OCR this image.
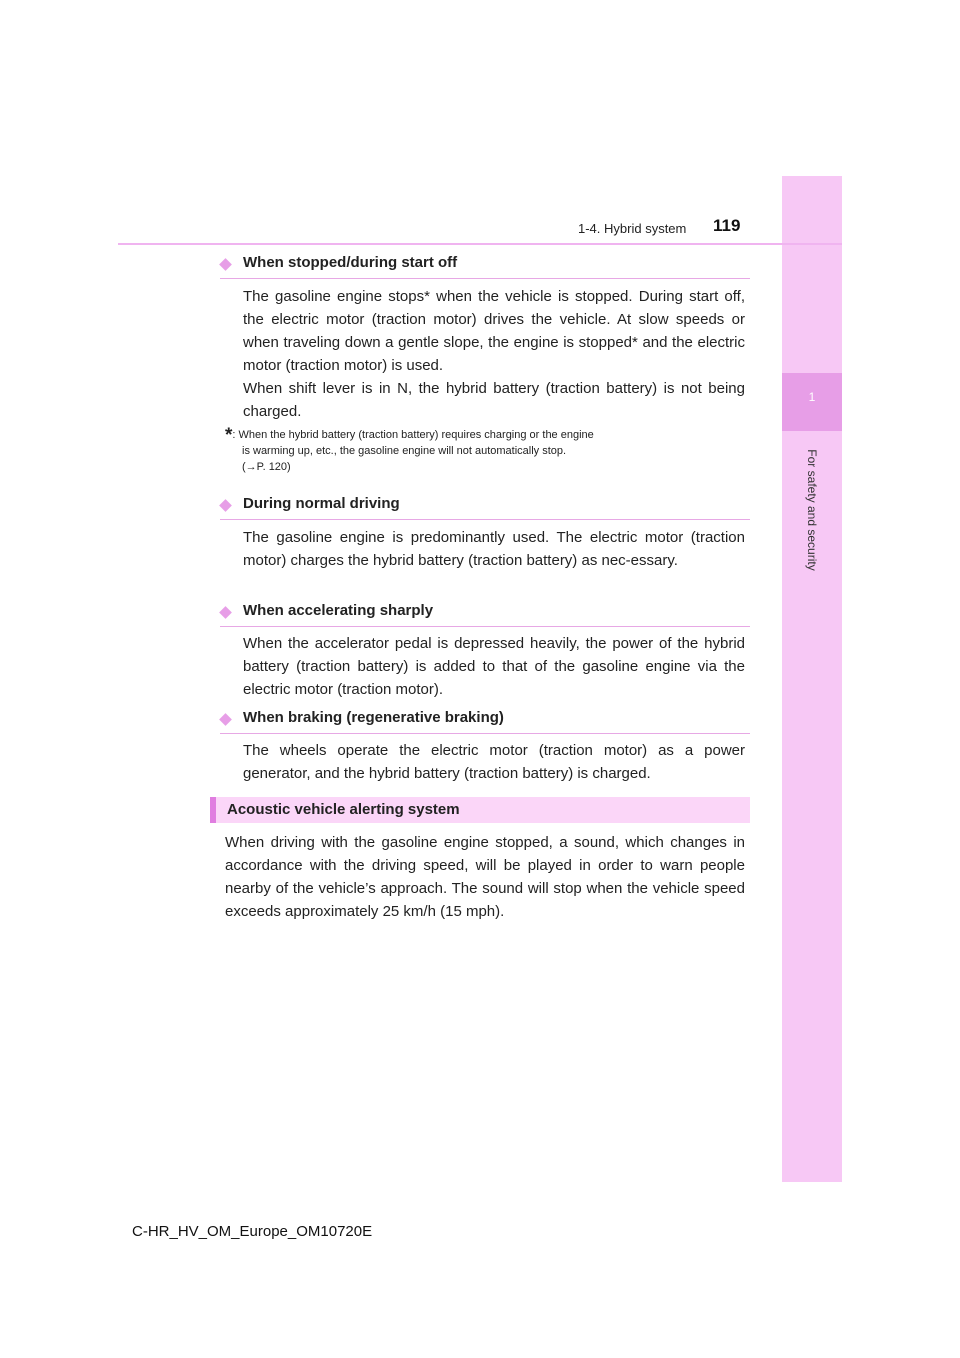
1
For safety and security
1-4. Hybrid system 119
When stopped/during start off

The gasoline engine stops* when the vehicle is stopped. During start off, the electric motor (traction motor) drives the vehicle. At slow speeds or when traveling down a gentle slope, the engine is stopped* and the electric motor (traction motor) is used.

When shift lever is in N, the hybrid battery (traction battery) is not being charged.

*: When the hybrid battery (traction battery) requires charging or the engine
is warming up, etc., the gasoline engine will not automatically stop.
(→P. 120)
During normal driving

The gasoline engine is predominantly used. The electric motor (traction motor) charges the hybrid battery (traction battery) as nec-essary.

When accelerating sharply

When the accelerator pedal is depressed heavily, the power of the hybrid battery (traction battery) is added to that of the gasoline engine via the electric motor (traction motor).

When braking (regenerative braking)

The wheels operate the electric motor (traction motor) as a power generator, and the hybrid battery (traction battery) is charged.

Acoustic vehicle alerting system

When driving with the gasoline engine stopped, a sound, which changes in accordance with the driving speed, will be played in order to warn people nearby of the vehicle’s approach. The sound will stop when the vehicle speed exceeds approximately 25 km/h (15 mph).

C-HR_HV_OM_Europe_OM10720E
